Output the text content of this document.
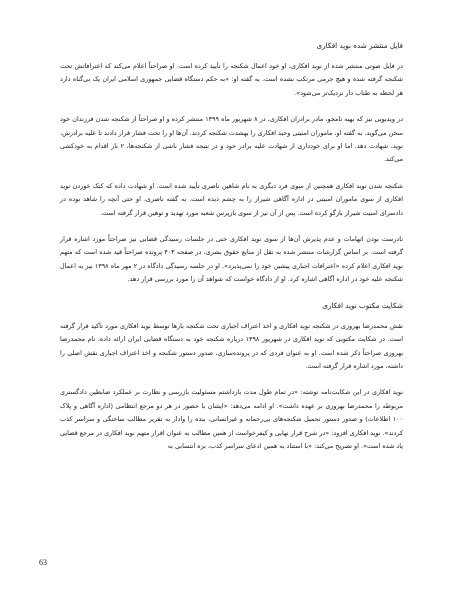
فایل منتشر شده نوید افکاری

در فایل صوتی منتشر شده از نوید افکاری، او خود اعمال شکنجه را تأیید کرده است. او صراحتاً اعلام می‌کند که اعترافاتش تحت شکنجه گرفته شده و هیچ جرمی مرتکب نشده است. به گفته او: «به حکم دستگاه قضایی جمهوری اسلامی ایران یک بی‌گناه دارد هر لحظه به طناب دار نزدیک‌تر می‌شود».

در ویدیویی نیز که بهیه نامجو، مادر برادران افکاری، در ۸ شهریور ماه ۱۳۹۹ منتشر کرده و او صراحتاً از شکنجه شدن فرزندان خود سخن می‌گوید. به گفته او، ماموران امنیتی وحید افکاری را بهشدت شکنجه کردند. آن‌ها او را تحت فشار قرار دادند تا علیه برادرش، نوید، شهادت دهد. اما او برای خودداری از شهادت علیه برادر خود و در نتیجه فشار ناشی از شکنجه‌ها، ۲ بار اقدام به خودکشی می‌کند.

شکنجه شدن نوید افکاری همچنین از سوی فرد دیگری به نام شاهین ناصری تأیید شده است. او شهادت داده که کتک خوردن نوید افکاری از سوی ماموران امنیتی در اداره آگاهی شیراز را به چشم دیده است. به گفته ناصری، او حتی آنچه را شاهد بوده در دادسرای امنیت شیراز بازگو کرده است. پس از آن نیز از سوی بازپرس شعبه مورد تهدید و توهین قرار گرفته است.

نادرست بودن اتهامات و عدم پذیرش آن‌ها از سوی نوید افکاری حتی در جلسات رسیدگی قضایی نیز صراحتاً مورد اشاره قرار گرفته است. بر اساس گزارشات منتشر شده به نقل از منابع حقوق بشری، در صفحه ۴۰۳ پرونده صراحتاً قید شده است که متهم نوید افکاری اعلام کرده «اعترافات اجباری پیشین خود را نمی‌پذیرد». او در جلسه رسیدگی دادگاه در ۲ مهر ماه ۱۳۹۸ نیز به اعمال شکنجه علیه خود در اداره آگاهی اشاره کرد. او از دادگاه خواست که شواهد آن را مورد بررسی قرار دهد.

شکایت مکتوب نوید افکاری

نقش محمدرضا بهروزی در شکنجه نوید افکاری و اخذ اعتراف اجباری تحت شکنجه بارها توسط نوید افکاری مورد تأکید قرار گرفته است. در شکایت مکتوبی که نوید افکاری در شهریور ۱۳۹۸ درباره شکنجه خود به دستگاه قضایی ایران ارائه داده، نام محمدرضا بهروزی صراحتاً ذکر شده است. او به عنوان فردی که در پرونده‌سازی، صدور دستور شکنجه و اخذ اعتراف اجباری نقش اصلی را داشته، مورد اشاره قرار گرفته است.

نوید افکاری در این شکایت‌نامه نوشته: «در تمام طول مدت بازداشتم مسئولیت بازرسی و نظارت بر عملکرد ضابطین دادگستری مربوطه را محمدرضا بهروزی بر عهده داشت». او ادامه می‌دهد: «ایشان با حضور در هر دو مرجع انتظامی (اداره آگاهی و پلاک ۱۰۰ اطلاعات) و صدور دستور تحمیل شکنجه‌های بی‌رحمانه و غیرانسانی، بنده را وادار به تقریر مطالب ساختگی و سراسر کذب کردند». نوید افکاری افزود: «در شرح قرار نهایی و کیفرخواست از همین مطالب به عنوان اقرار متهم نوید افکاری در مرجع قضایی یاد شده است». او تصریح می‌کند: «با استناد به همین ادعای سراسر کذب، بزه انتسابی به

63
